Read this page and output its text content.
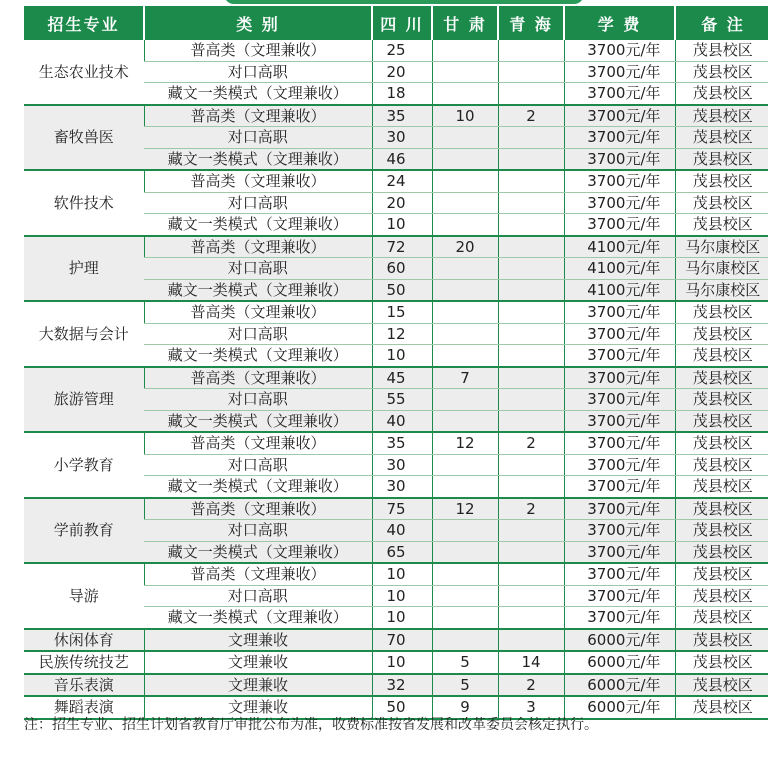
招生专业	类 别	四 川	甘 肃	青 海	学 费	备 注
生态农业技术	普高类（文理兼收）	25			3700元/年	茂县校区
	对口高职	20			3700元/年	茂县校区
	藏文一类模式（文理兼收）	18			3700元/年	茂县校区
畜牧兽医	普高类（文理兼收）	35	10	2	3700元/年	茂县校区
	对口高职	30			3700元/年	茂县校区
	藏文一类模式（文理兼收）	46			3700元/年	茂县校区
软件技术	普高类（文理兼收）	24			3700元/年	茂县校区
	对口高职	20			3700元/年	茂县校区
	藏文一类模式（文理兼收）	10			3700元/年	茂县校区
护理	普高类（文理兼收）	72	20		4100元/年	马尔康校区
	对口高职	60			4100元/年	马尔康校区
	藏文一类模式（文理兼收）	50			4100元/年	马尔康校区
大数据与会计	普高类（文理兼收）	15			3700元/年	茂县校区
	对口高职	12			3700元/年	茂县校区
	藏文一类模式（文理兼收）	10			3700元/年	茂县校区
旅游管理	普高类（文理兼收）	45	7		3700元/年	茂县校区
	对口高职	55			3700元/年	茂县校区
	藏文一类模式（文理兼收）	40			3700元/年	茂县校区
小学教育	普高类（文理兼收）	35	12	2	3700元/年	茂县校区
	对口高职	30			3700元/年	茂县校区
	藏文一类模式（文理兼收）	30			3700元/年	茂县校区
学前教育	普高类（文理兼收）	75	12	2	3700元/年	茂县校区
	对口高职	40			3700元/年	茂县校区
	藏文一类模式（文理兼收）	65			3700元/年	茂县校区
导游	普高类（文理兼收）	10			3700元/年	茂县校区
	对口高职	10			3700元/年	茂县校区
	藏文一类模式（文理兼收）	10			3700元/年	茂县校区
休闲体育	文理兼收	70			6000元/年	茂县校区
民族传统技艺	文理兼收	10	5	14	6000元/年	茂县校区
音乐表演	文理兼收	32	5	2	6000元/年	茂县校区
舞蹈表演	文理兼收	50	9	3	6000元/年	茂县校区
注：招生专业、招生计划省教育厅审批公布为准，收费标准按省发展和改革委员会核定执行。
